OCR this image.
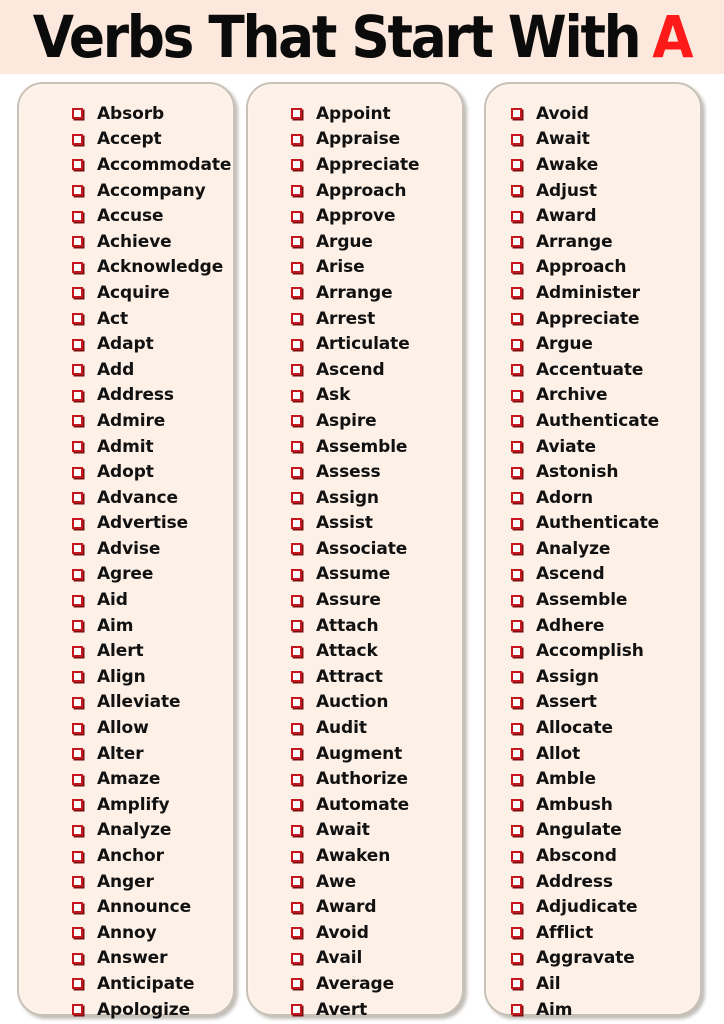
Verbs That Start With A
Absorb
Accept
Accommodate
Accompany
Accuse
Achieve
Acknowledge
Acquire
Act
Adapt
Add
Address
Admire
Admit
Adopt
Advance
Advertise
Advise
Agree
Aid
Aim
Alert
Align
Alleviate
Allow
Alter
Amaze
Amplify
Analyze
Anchor
Anger
Announce
Annoy
Answer
Anticipate
Apologize
Appoint
Appraise
Appreciate
Approach
Approve
Argue
Arise
Arrange
Arrest
Articulate
Ascend
Ask
Aspire
Assemble
Assess
Assign
Assist
Associate
Assume
Assure
Attach
Attack
Attract
Auction
Audit
Augment
Authorize
Automate
Await
Awaken
Awe
Award
Avoid
Avail
Average
Avert
Avoid
Await
Awake
Adjust
Award
Arrange
Approach
Administer
Appreciate
Argue
Accentuate
Archive
Authenticate
Aviate
Astonish
Adorn
Authenticate
Analyze
Ascend
Assemble
Adhere
Accomplish
Assign
Assert
Allocate
Allot
Amble
Ambush
Angulate
Abscond
Address
Adjudicate
Afflict
Aggravate
Ail
Aim
